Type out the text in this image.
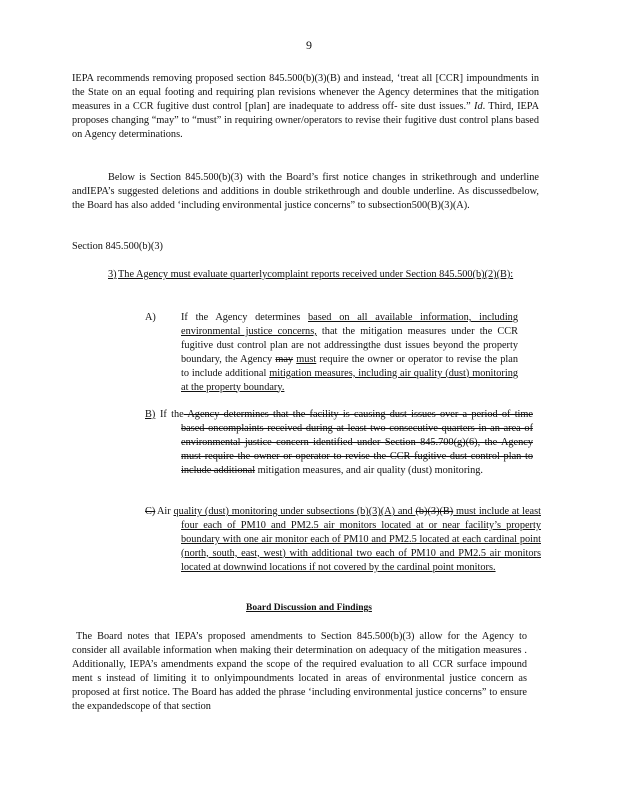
9

IEPA recommends removing proposed section 845.500(b)(3)(B) and instead, ‘treat all [CCR] impoundments in the State on an equal footing and requiring plan revisions whenever the Agency determines that the mitigation measures in a CCR fugitive dust control [plan] are inadequate to address off- site dust issues.” Id. Third, IEPA proposes changing “may” to “must” in requiring owner/operators to revise their fugitive dust control plans based on Agency determinations.

Below is Section 845.500(b)(3) with the Board’s first notice changes in strikethrough and underline andIEPA’s suggested deletions and additions in double strikethrough and double underline. As discussedbelow, the Board has also added ‘including environmental justice concerns” to subsection500(B)(3)(A).

Section 845.500(b)(3)

3) The Agency must evaluate quarterlycomplaint reports received under Section 845.500(b)(2)(B):

A) If the Agency determines based on all available information, including environmental justice concerns, that the mitigation measures under the CCR fugitive dust control plan are not addressingthe dust issues beyond the property boundary, the Agency may must require the owner or operator to revise the plan to include additional mitigation measures, including air quality (dust) monitoring at the property boundary.

B) If the Agency determines that the facility is causing dust issues over a period of time based oncomplaints received during at least two consecutive quarters in an area of environmental justice concern identified under Section 845.700(g)(6), the Agency must require the owner or operator to revise the CCR fugitive dust control plan to include additional mitigation measures, and air quality (dust) monitoring.

C) Air quality (dust) monitoring under subsections (b)(3)(A) and (b)(3)(B) must include at least four each of PM10 and PM2.5 air monitors located at or near facility’s property boundary with one air monitor each of PM10 and PM2.5 located at each cardinal point (north, south, east, west) with additional two each of PM10 and PM2.5 air monitors located at downwind locations if not covered by the cardinal point monitors.

Board Discussion and Findings

The Board notes that IEPA’s proposed amendments to Section 845.500(b)(3) allow for the Agency to consider all available information when making their determination on adequacy of the mitigation measures . Additionally, IEPA’s amendments expand the scope of the required evaluation to all CCR surface impound ment s instead of limiting it to onlyimpoundments located in areas of environmental justice concern as proposed at first notice. The Board has added the phrase ‘including environmental justice concerns” to ensure the expandedscope of that section
